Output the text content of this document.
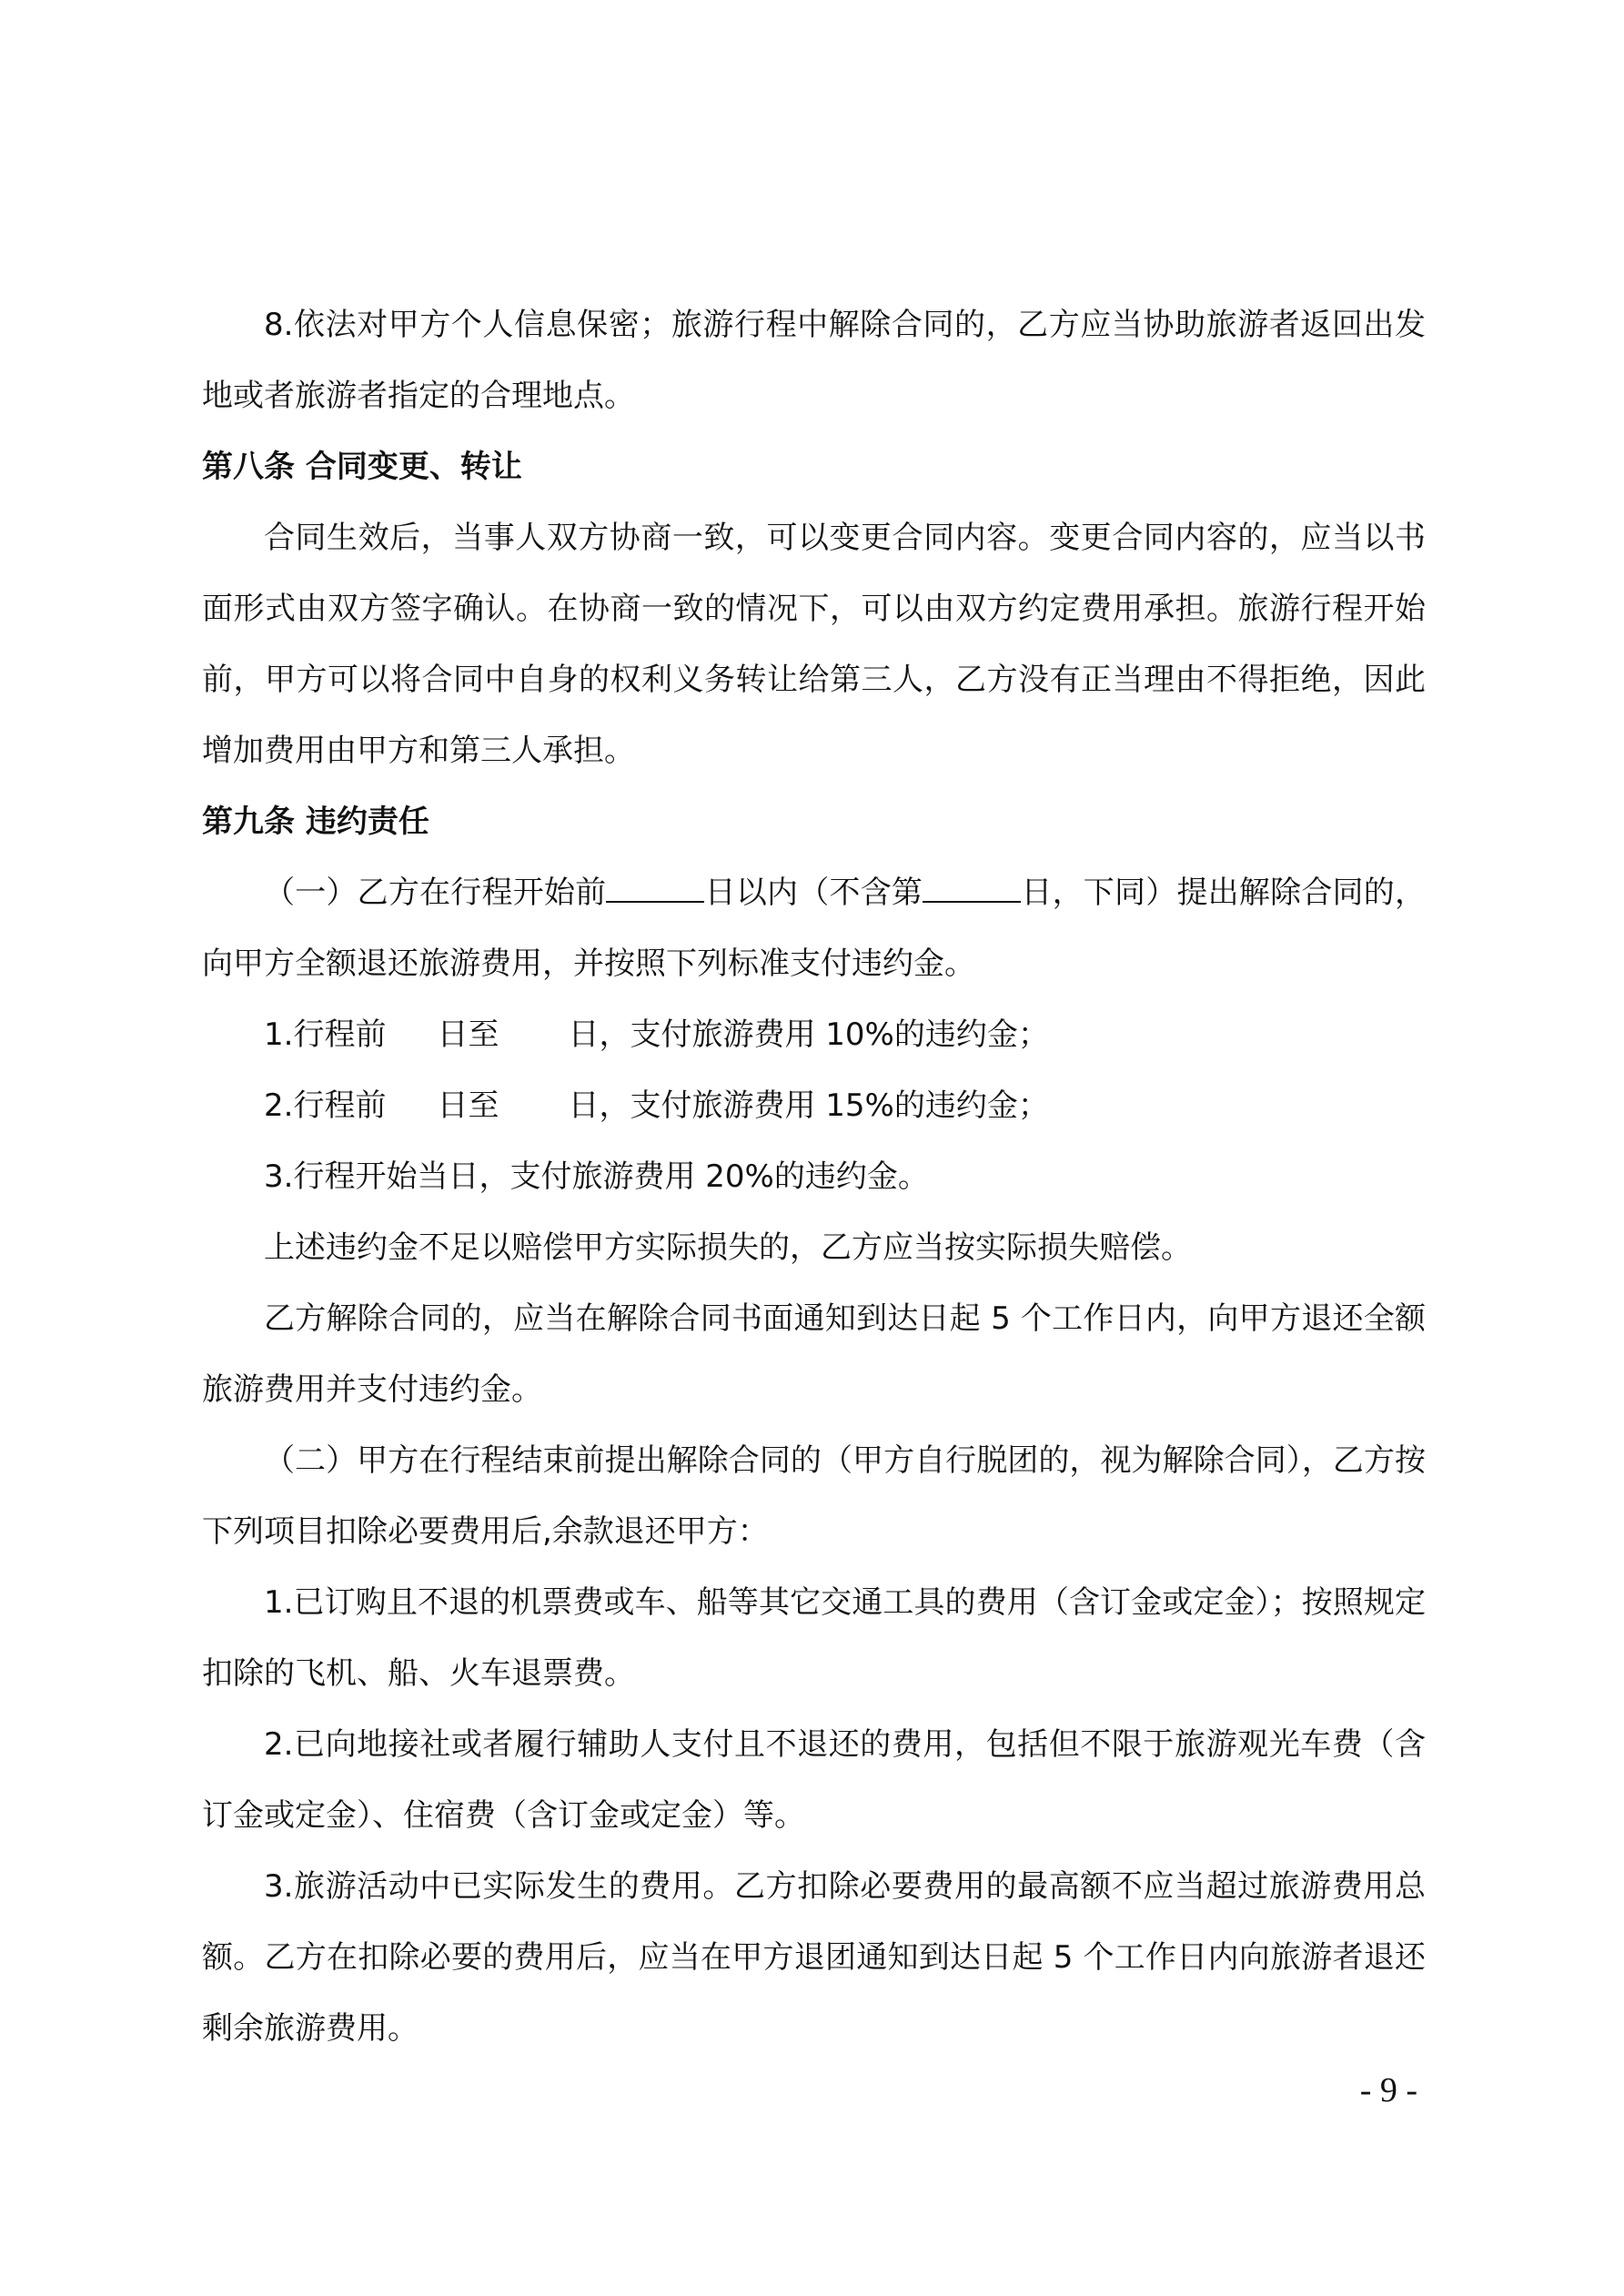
8.依法对甲方个人信息保密；旅游行程中解除合同的，乙方应当协助旅游者返回出发地或者旅游者指定的合理地点。

第八条 合同变更、转让

合同生效后，当事人双方协商一致，可以变更合同内容。变更合同内容的，应当以书面形式由双方签字确认。在协商一致的情况下，可以由双方约定费用承担。旅游行程开始前，甲方可以将合同中自身的权利义务转让给第三人，乙方没有正当理由不得拒绝，因此增加费用由甲方和第三人承担。

第九条 违约责任

（一）乙方在行程开始前	日以内（不含第	日，下同）提出解除合同的，向甲方全额退还旅游费用，并按照下列标准支付违约金。

1.行程前 日至 日，支付旅游费用 10%的违约金；

2.行程前 日至 日，支付旅游费用 15%的违约金；

3.行程开始当日，支付旅游费用 20%的违约金。

上述违约金不足以赔偿甲方实际损失的，乙方应当按实际损失赔偿。

乙方解除合同的，应当在解除合同书面通知到达日起 5 个工作日内，向甲方退还全额旅游费用并支付违约金。

（二）甲方在行程结束前提出解除合同的（甲方自行脱团的，视为解除合同），乙方按下列项目扣除必要费用后,余款退还甲方：

1.已订购且不退的机票费或车、船等其它交通工具的费用（含订金或定金）；按照规定扣除的飞机、船、火车退票费。

2.已向地接社或者履行辅助人支付且不退还的费用，包括但不限于旅游观光车费（含订金或定金）、住宿费（含订金或定金）等。

3.旅游活动中已实际发生的费用。乙方扣除必要费用的最高额不应当超过旅游费用总额。乙方在扣除必要的费用后，应当在甲方退团通知到达日起 5 个工作日内向旅游者退还剩余旅游费用。

- 9 -
